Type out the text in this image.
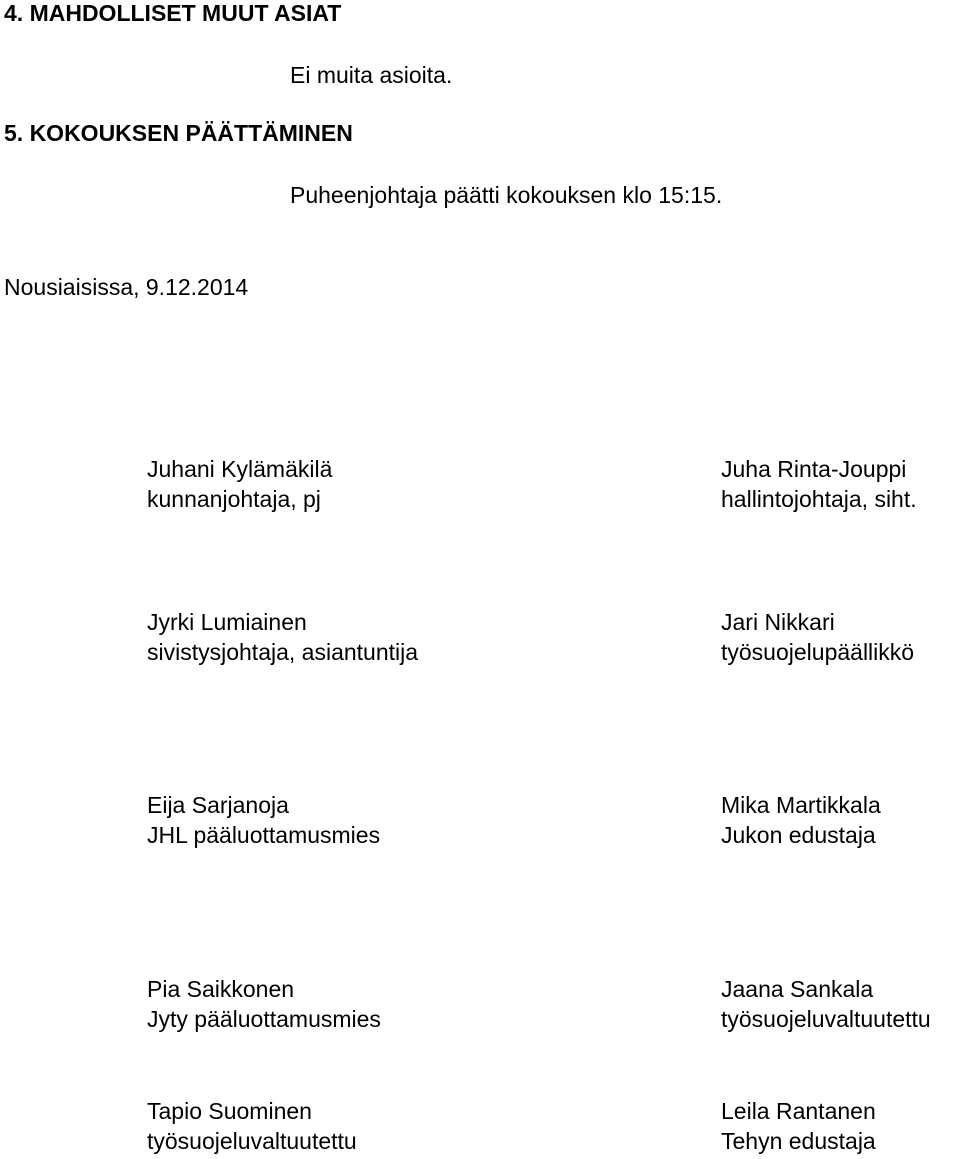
4. MAHDOLLISET MUUT ASIAT
Ei muita asioita.
5. KOKOUKSEN PÄÄTTÄMINEN
Puheenjohtaja päätti kokouksen klo 15:15.
Nousiaisissa, 9.12.2014
Juhani Kylämäkilä
kunnanjohtaja, pj
Juha Rinta-Jouppi
hallintojohtaja, siht.
Jyrki Lumiainen
sivistysjohtaja, asiantuntija
Jari Nikkari
työsuojelupäällikkö
Eija Sarjanoja
JHL pääluottamusmies
Mika Martikkala
Jukon edustaja
Pia Saikkonen
Jyty pääluottamusmies
Jaana Sankala
työsuojeluvaltuutettu
Tapio Suominen
työsuojeluvaltuutettu
Leila Rantanen
Tehyn edustaja
